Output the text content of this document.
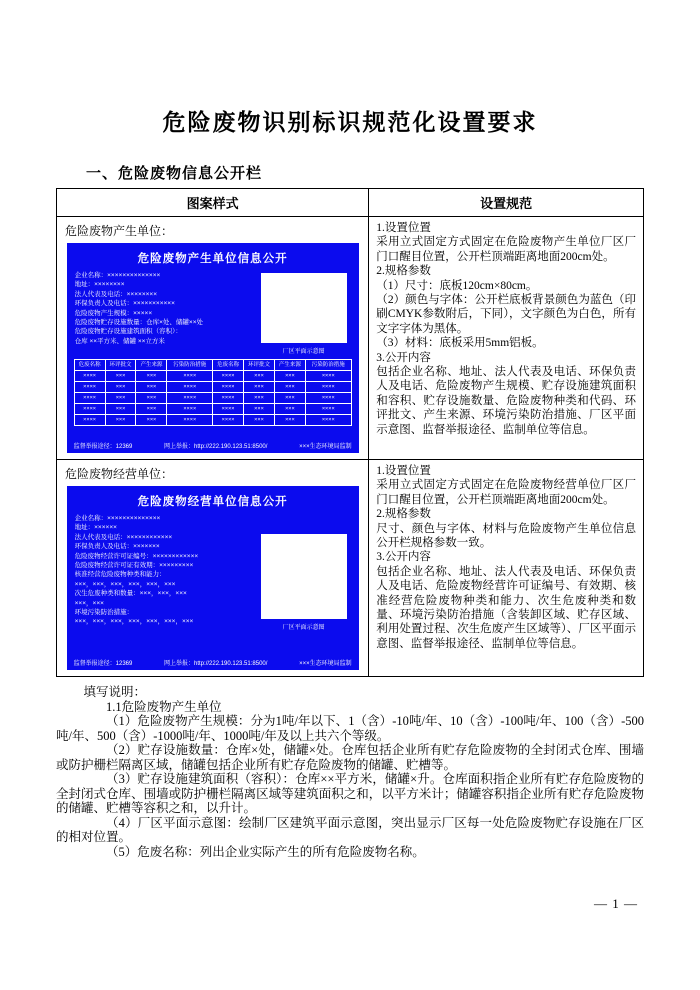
危险废物识别标识规范化设置要求
一、危险废物信息公开栏
图案样式	设置规范

危险废物产生单位：
危险废物产生单位信息公开
企业名称：××××××××××××××
地址：××××××××
法人代表及电话：××××××××
环保负责人及电话：×××××××××××
危险废物产生规模：×××××
危险废物贮存设施数量：仓库×处、储罐××处
危险废物贮存设施建筑面积（容积）：
仓库 ××平方米、储罐 ××立方米
厂区平面示意图
危废名称	环评批文	产生来源	污染防治措施	危废名称	环评批文	产生来源	污染防治措施
××××	×××	×××	××××	××××	×××	×××	××××
××××	×××	×××	××××	××××	×××	×××	××××
××××	×××	×××	××××	××××	×××	×××	××××
××××	×××	×××	××××	××××	×××	×××	××××
××××	×××	×××	××××	××××	×××	×××	××××
监督举报途径：12369	网上举报：http://222.190.123.51:8500/	×××生态环境局监制

1.设置位置
采用立式固定方式固定在危险废物产生单位厂区厂门口醒目位置，公开栏顶端距离地面200cm处。
2.规格参数
（1）尺寸：底板120cm×80cm。
（2）颜色与字体：公开栏底板背景颜色为蓝色（印刷CMYK参数附后，下同），文字颜色为白色，所有文字字体为黑体。
（3）材料：底板采用5mm铝板。
3.公开内容
包括企业名称、地址、法人代表及电话、环保负责人及电话、危险废物产生规模、贮存设施建筑面积和容积、贮存设施数量、危险废物种类和代码、环评批文、产生来源、环境污染防治措施、厂区平面示意图、监督举报途径、监制单位等信息。

危险废物经营单位：
危险废物经营单位信息公开
企业名称：××××××××××××××
地址：××××××
法人代表及电话：××××××××××××
环保负责人及电话：×××××××
危险废物经营许可证编号：××××××××××××
危险废物经营许可证有效期：×××××××××
核准经营危险废物种类和能力：
×××，×××，×××，×××，×××，×××
次生危废种类和数量：×××，×××，×××
×××，×××
环境污染防治措施：
×××，×××，×××，×××，×××，×××，×××
厂区平面示意图
监督举报途径：12369	网上举报：http://222.190.123.51:8500/	×××生态环境局监制

1.设置位置
采用立式固定方式固定在危险废物经营单位厂区厂门口醒目位置，公开栏顶端距离地面200cm处。
2.规格参数
尺寸、颜色与字体、材料与危险废物产生单位信息公开栏规格参数一致。
3.公开内容
包括企业名称、地址、法人代表及电话、环保负责人及电话、危险废物经营许可证编号、有效期、核准经营危险废物种类和能力、次生危废种类和数量、环境污染防治措施（含装卸区域、贮存区域、利用处置过程、次生危废产生区域等）、厂区平面示意图、监督举报途径、监制单位等信息。

填写说明：

1.1危险废物产生单位

（1）危险废物产生规模：分为1吨/年以下、1（含）-10吨/年、10（含）-100吨/年、100（含）-500吨/年、500（含）-1000吨/年、1000吨/年及以上共六个等级。

（2）贮存设施数量：仓库×处，储罐×处。仓库包括企业所有贮存危险废物的全封闭式仓库、围墙或防护栅栏隔离区域，储罐包括企业所有贮存危险废物的储罐、贮槽等。

（3）贮存设施建筑面积（容积）：仓库××平方米，储罐×升。仓库面积指企业所有贮存危险废物的全封闭式仓库、围墙或防护栅栏隔离区域等建筑面积之和，以平方米计；储罐容积指企业所有贮存危险废物的储罐、贮槽等容积之和，以升计。

（4）厂区平面示意图：绘制厂区建筑平面示意图，突出显示厂区每一处危险废物贮存设施在厂区的相对位置。

（5）危废名称：列出企业实际产生的所有危险废物名称。

— 1 —
